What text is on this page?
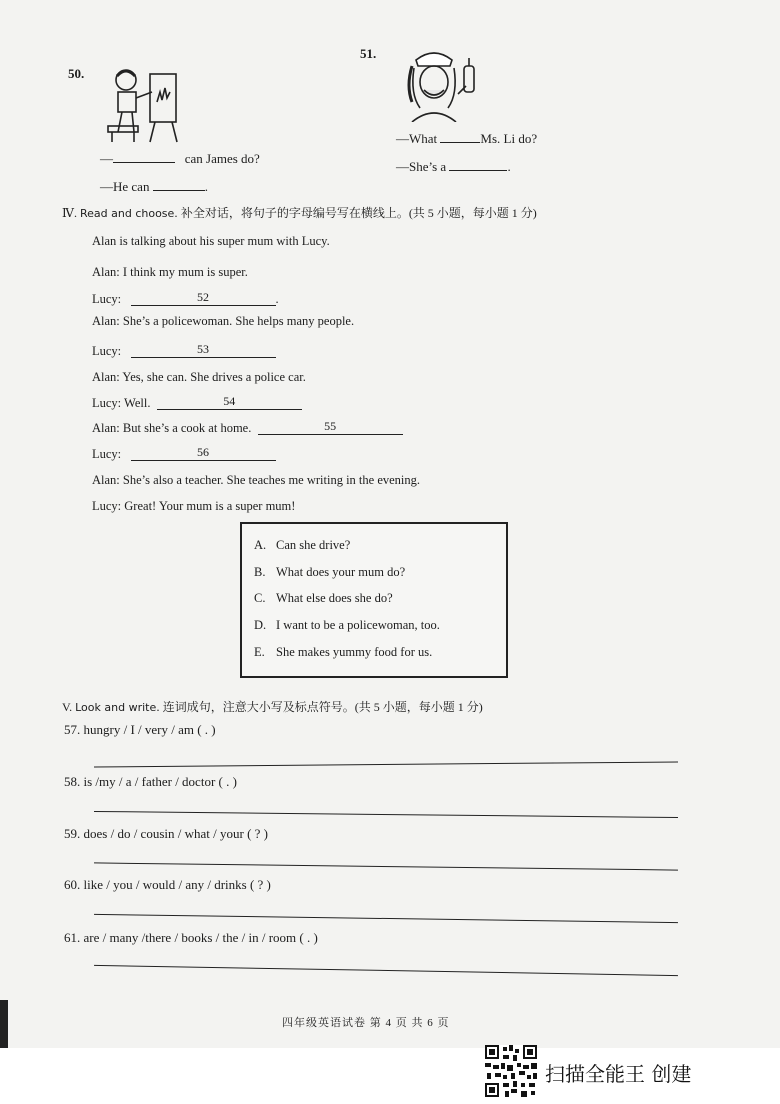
50.
—	can James do?
—He can	.
51.
—What	Ms. Li do?
—She’s a	.
Ⅳ. Read and choose. 补全对话，将句子的字母编号写在横线上。(共 5 小题，每小题 1 分)
Alan is talking about his super mum with Lucy.
Alan: I think my mum is super.
Lucy:	52	.
Alan: She’s a policewoman. She helps many people.
Lucy:	53
Alan: Yes, she can. She drives a police car.
Lucy: Well.	54
Alan: But she’s a cook at home.	55
Lucy:	56
Alan: She’s also a teacher. She teaches me writing in the evening.
Lucy: Great! Your mum is a super mum!
A. Can she drive?
B. What does your mum do?
C. What else does she do?
D. I want to be a policewoman, too.
E. She makes yummy food for us.
V. Look and write. 连词成句，注意大小写及标点符号。(共 5 小题，每小题 1 分)
57. hungry / I / very / am ( . )
58. is /my / a / father / doctor ( . )
59. does / do / cousin / what / your ( ? )
60. like / you / would / any / drinks ( ? )
61. are / many /there / books / the / in / room ( . )
四年级英语试卷 第 4 页 共 6 页
扫描全能王 创建
